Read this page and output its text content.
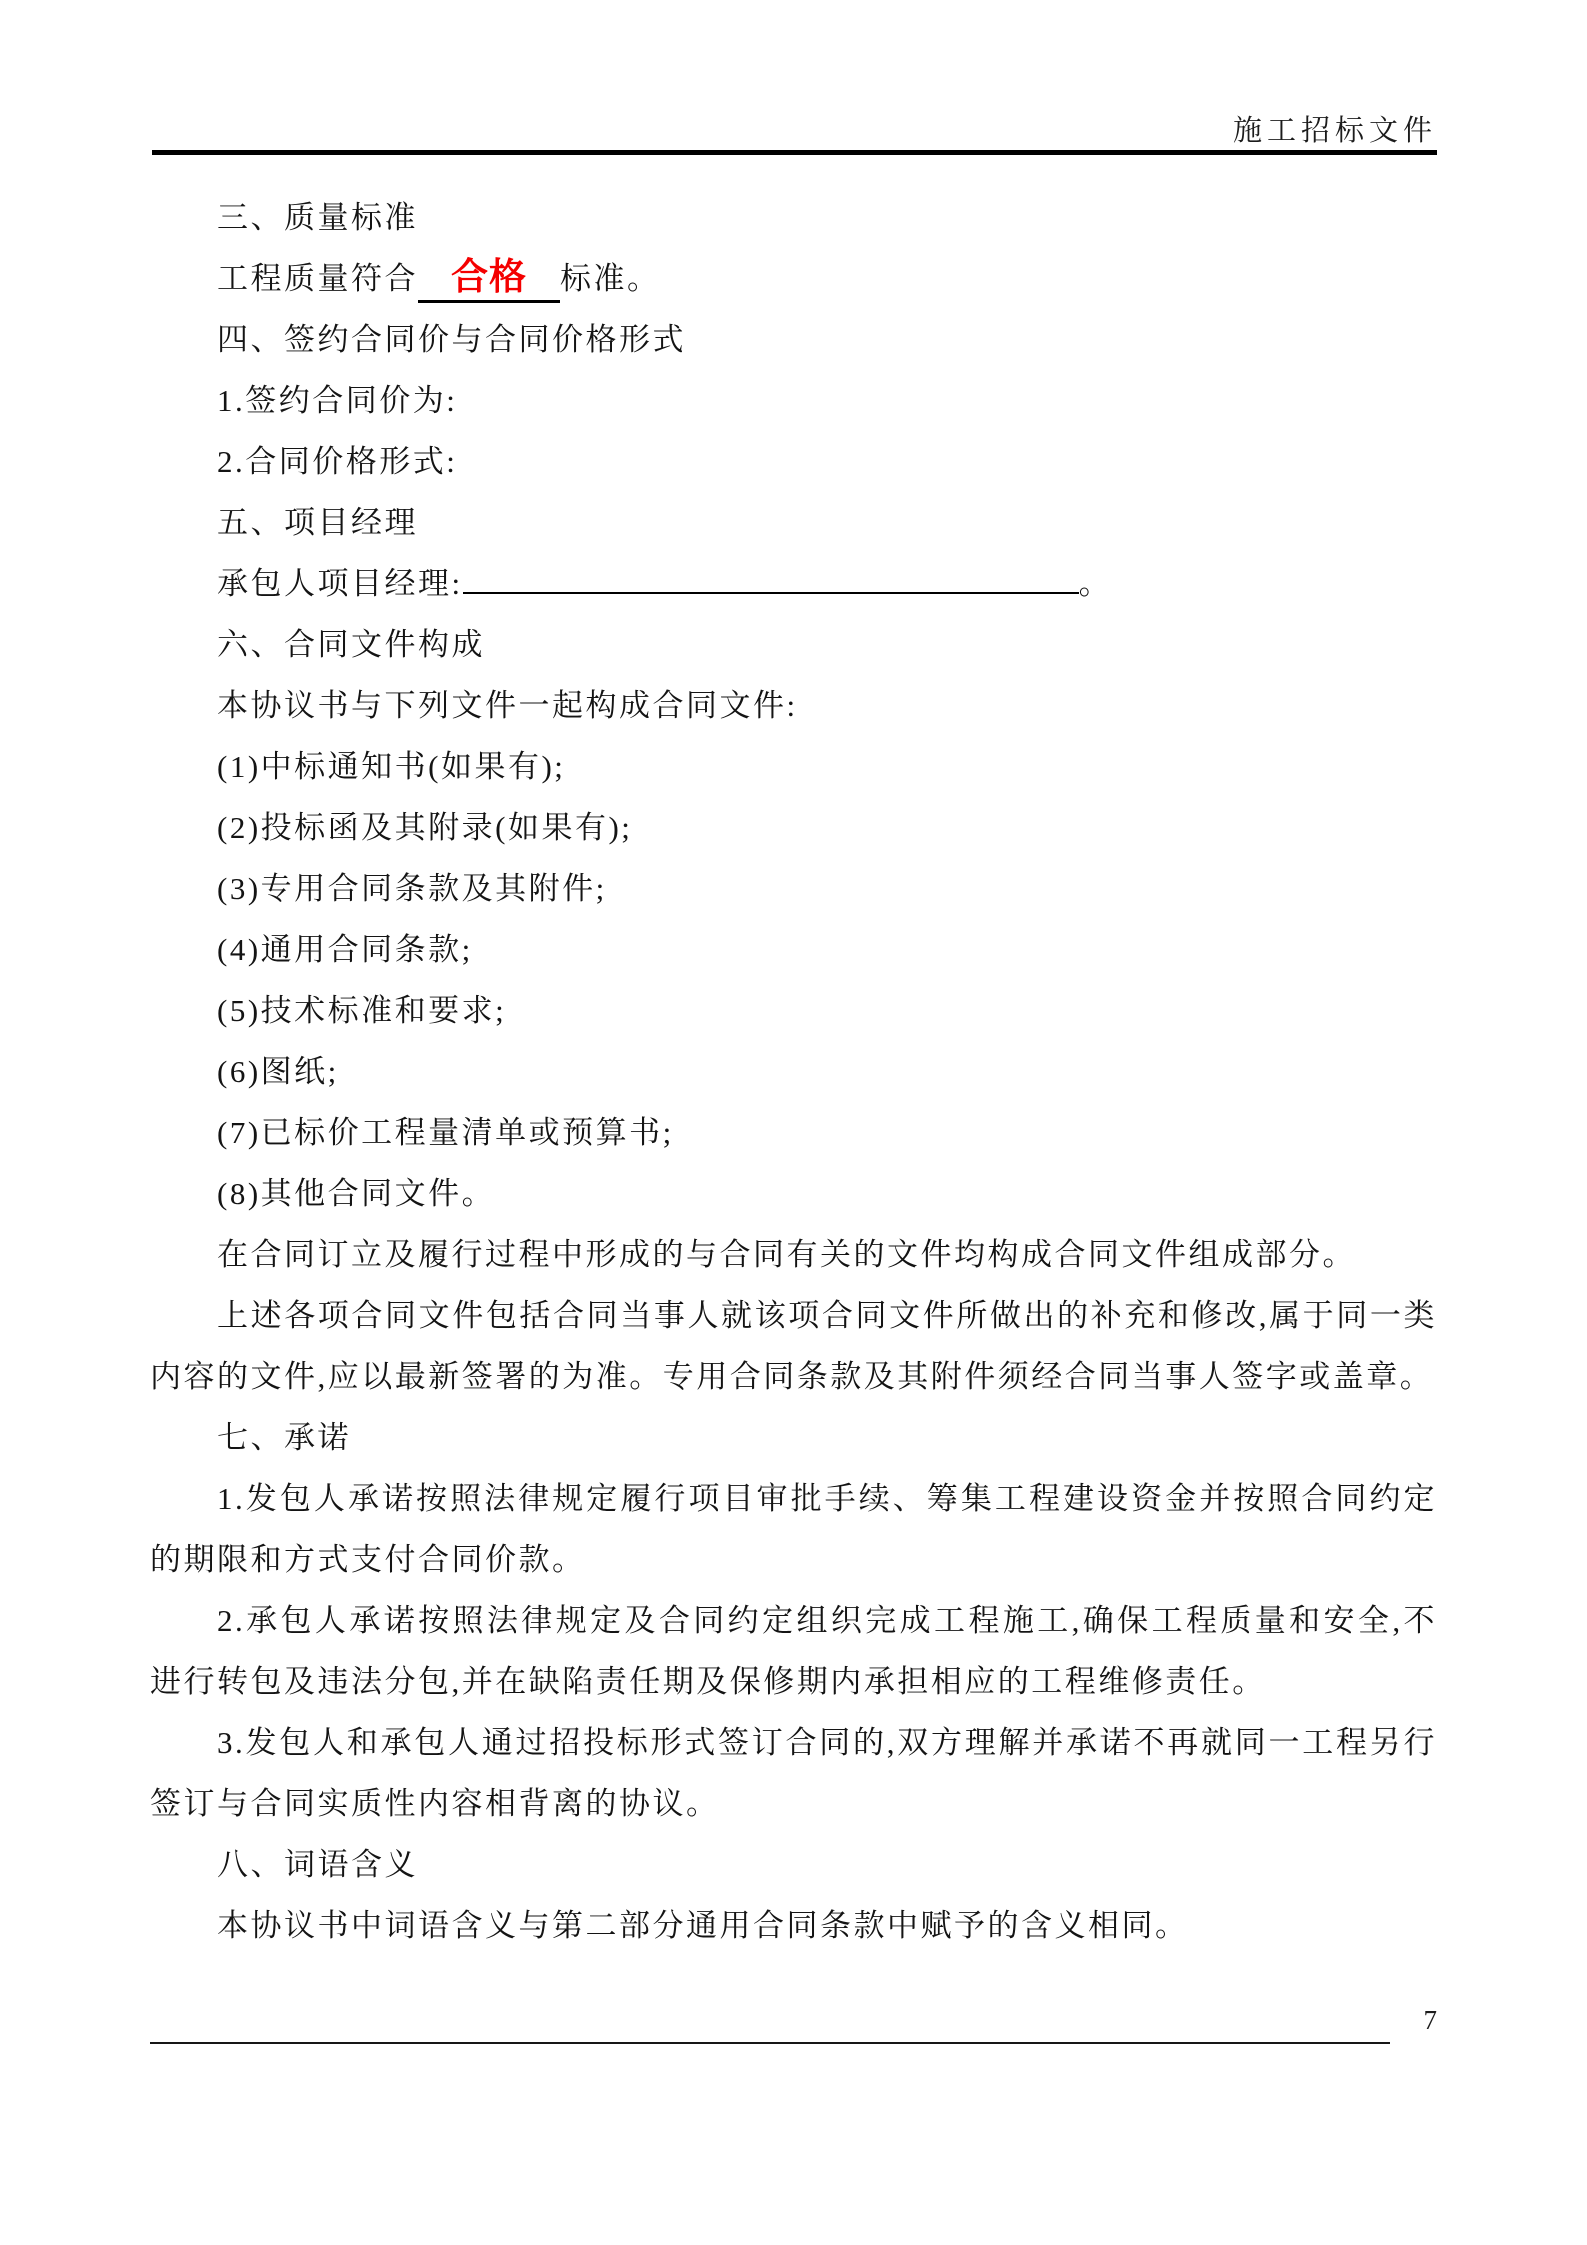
施工招标文件

三、质量标准

工程质量符合 合格 标准。

四、签约合同价与合同价格形式

1.签约合同价为:

2.合同价格形式:

五、项目经理

承包人项目经理:	。

六、合同文件构成

本协议书与下列文件一起构成合同文件:

(1)中标通知书(如果有);

(2)投标函及其附录(如果有);

(3)专用合同条款及其附件;

(4)通用合同条款;

(5)技术标准和要求;

(6)图纸;

(7)已标价工程量清单或预算书;

(8)其他合同文件。

在合同订立及履行过程中形成的与合同有关的文件均构成合同文件组成部分。

上述各项合同文件包括合同当事人就该项合同文件所做出的补充和修改,属于同一类内容的文件,应以最新签署的为准。专用合同条款及其附件须经合同当事人签字或盖章。

七、承诺

1.发包人承诺按照法律规定履行项目审批手续、筹集工程建设资金并按照合同约定的期限和方式支付合同价款。

2.承包人承诺按照法律规定及合同约定组织完成工程施工,确保工程质量和安全,不进行转包及违法分包,并在缺陷责任期及保修期内承担相应的工程维修责任。

3.发包人和承包人通过招投标形式签订合同的,双方理解并承诺不再就同一工程另行签订与合同实质性内容相背离的协议。

八、词语含义

本协议书中词语含义与第二部分通用合同条款中赋予的含义相同。

7
